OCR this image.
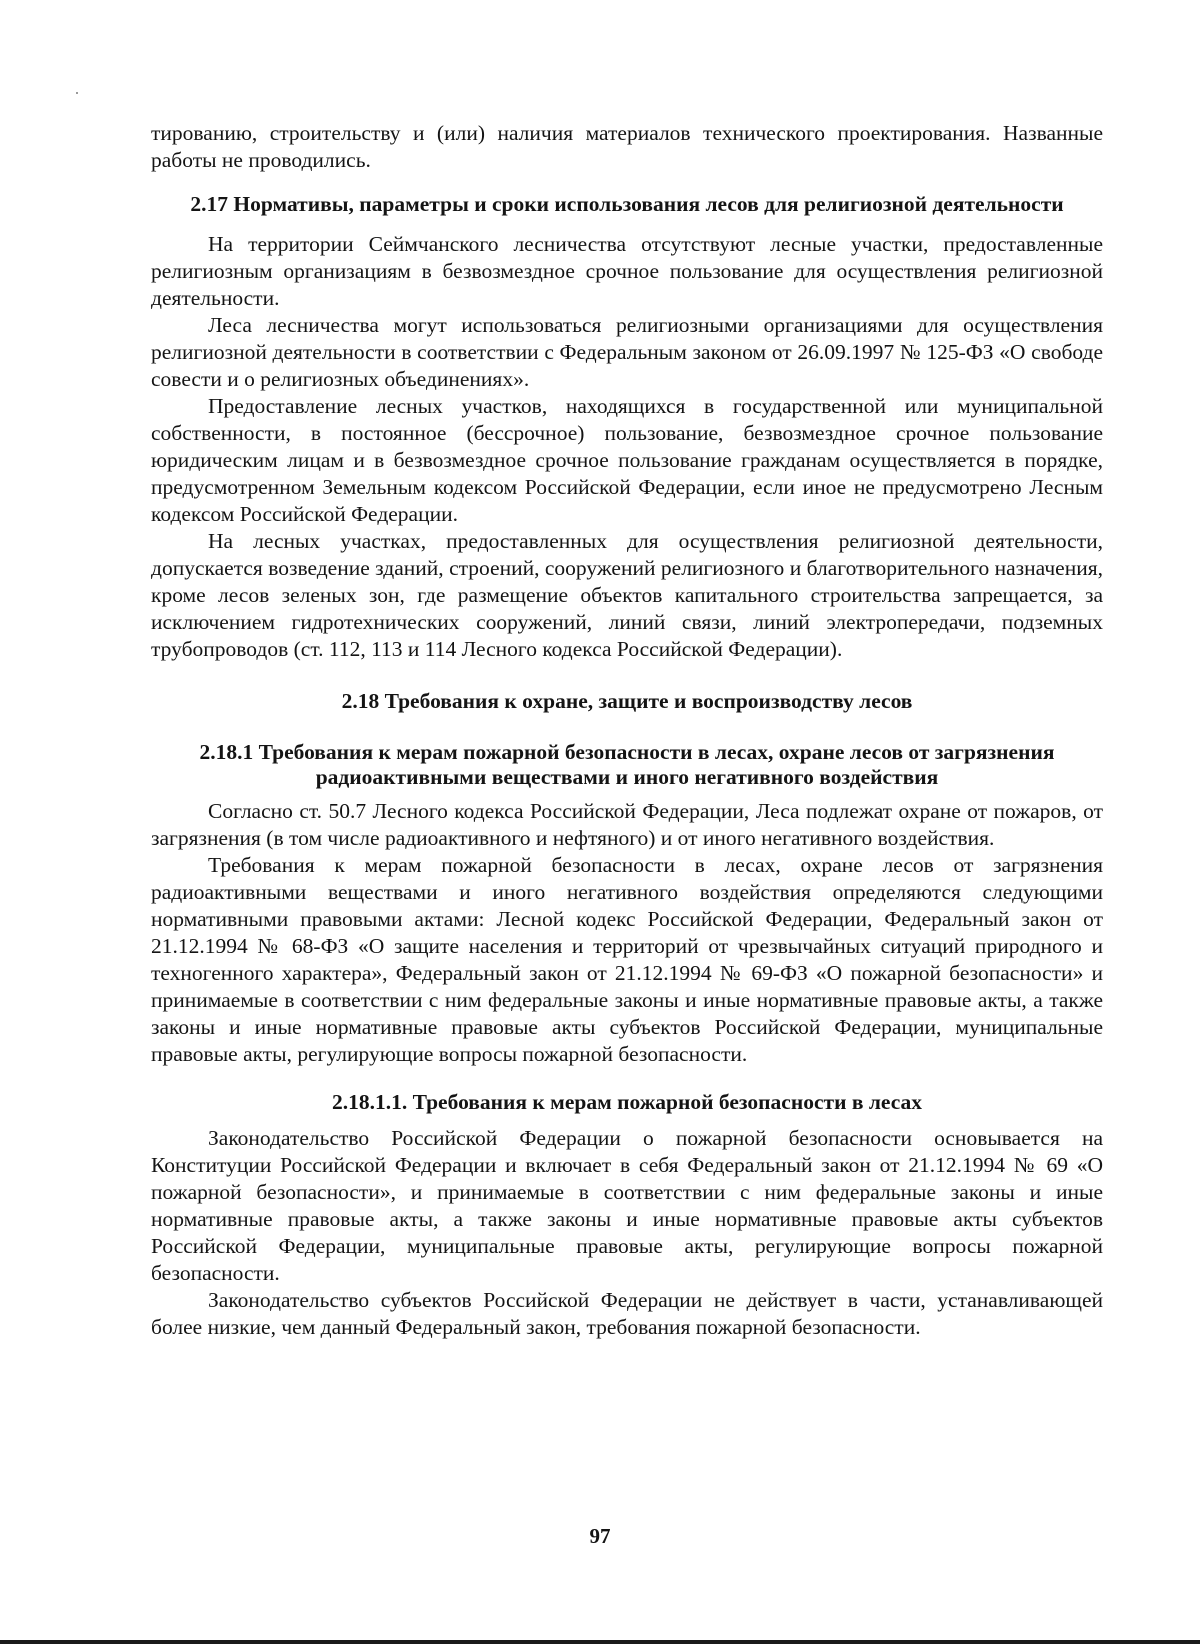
тированию, строительству и (или) наличия материалов технического проектирования. Названные работы не проводились.

2.17 Нормативы, параметры и сроки использования лесов для религиозной деятельности

На территории Сеймчанского лесничества отсутствуют лесные участки, предоставленные религиозным организациям в безвозмездное срочное пользование для осуществления религиозной деятельности.

Леса лесничества могут использоваться религиозными организациями для осуществления религиозной деятельности в соответствии с Федеральным законом от 26.09.1997 № 125-ФЗ «О свободе совести и о религиозных объединениях».

Предоставление лесных участков, находящихся в государственной или муниципальной собственности, в постоянное (бессрочное) пользование, безвозмездное срочное пользование юридическим лицам и в безвозмездное срочное пользование гражданам осуществляется в порядке, предусмотренном Земельным кодексом Российской Федерации, если иное не предусмотрено Лесным кодексом Российской Федерации.

На лесных участках, предоставленных для осуществления религиозной деятельности, допускается возведение зданий, строений, сооружений религиозного и благотворительного назначения, кроме лесов зеленых зон, где размещение объектов капитального строительства запрещается, за исключением гидротехнических сооружений, линий связи, линий электропередачи, подземных трубопроводов (ст. 112, 113 и 114 Лесного кодекса Российской Федерации).

2.18 Требования к охране, защите и воспроизводству лесов
2.18.1 Требования к мерам пожарной безопасности в лесах, охране лесов от загрязнения
радиоактивными веществами и иного негативного воздействия

Согласно ст. 50.7 Лесного кодекса Российской Федерации, Леса подлежат охране от пожаров, от загрязнения (в том числе радиоактивного и нефтяного) и от иного негативного воздействия.

Требования к мерам пожарной безопасности в лесах, охране лесов от загрязнения радиоактивными веществами и иного негативного воздействия определяются следующими нормативными правовыми актами: Лесной кодекс Российской Федерации, Федеральный закон от 21.12.1994 № 68-ФЗ «О защите населения и территорий от чрезвычайных ситуаций природного и техногенного характера», Федеральный закон от 21.12.1994 № 69-ФЗ «О пожарной безопасности» и принимаемые в соответствии с ним федеральные законы и иные нормативные правовые акты, а также законы и иные нормативные правовые акты субъектов Российской Федерации, муниципальные правовые акты, регулирующие вопросы пожарной безопасности.

2.18.1.1. Требования к мерам пожарной безопасности в лесах

Законодательство Российской Федерации о пожарной безопасности основывается на Конституции Российской Федерации и включает в себя Федеральный закон от 21.12.1994 № 69 «О пожарной безопасности», и принимаемые в соответствии с ним федеральные законы и иные нормативные правовые акты, а также законы и иные нормативные правовые акты субъектов Российской Федерации, муниципальные правовые акты, регулирующие вопросы пожарной безопасности.

Законодательство субъектов Российской Федерации не действует в части, устанавливающей более низкие, чем данный Федеральный закон, требования пожарной безопасности.

97
